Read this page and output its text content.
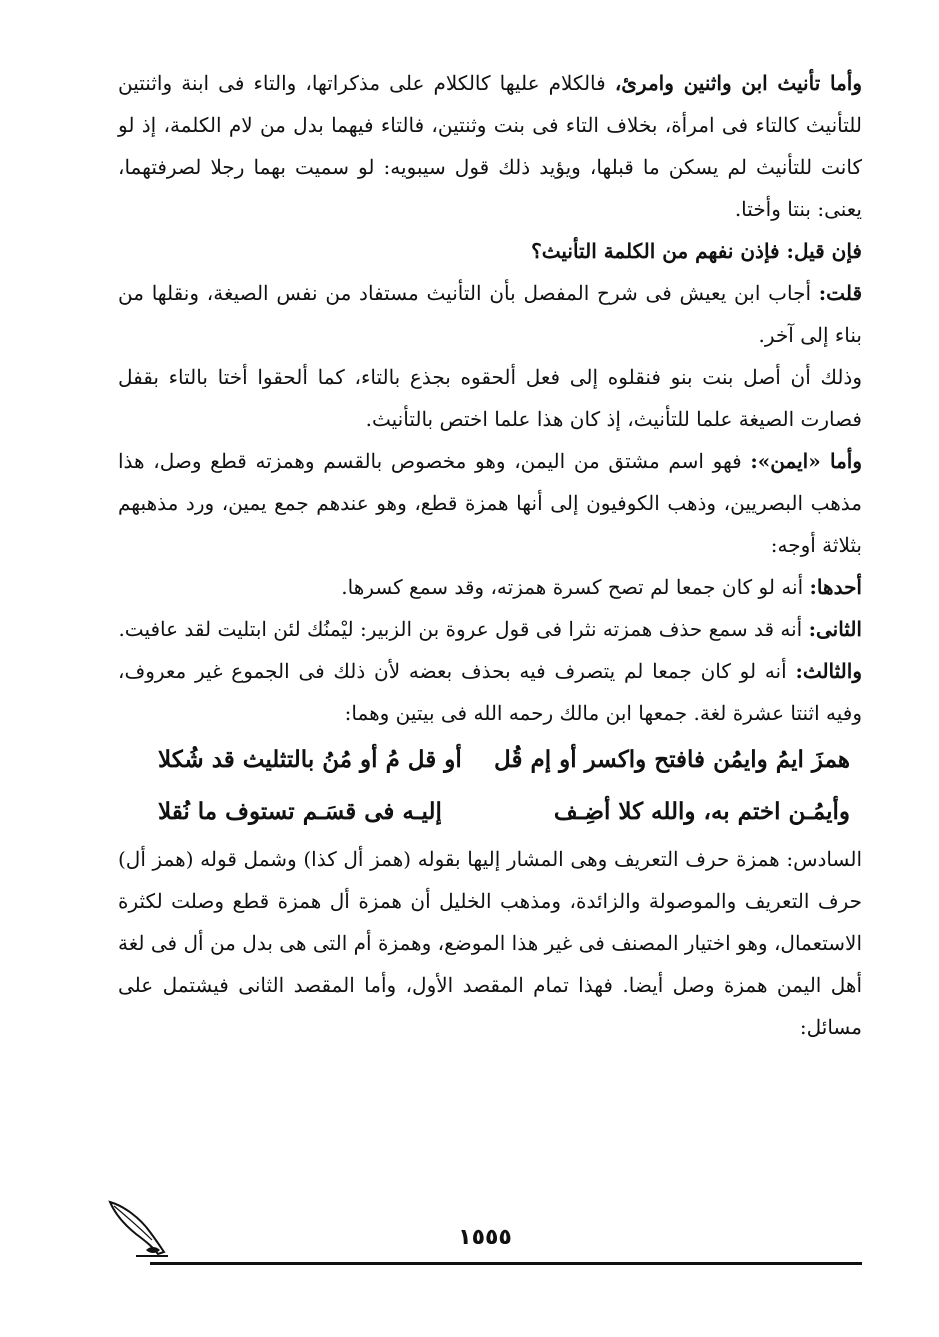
وأما تأنيث ابن واثنين وامرئ، فالكلام عليها كالكلام على مذكراتها، والتاء فى ابنة واثنتين للتأنيث كالتاء فى امرأة، بخلاف التاء فى بنت وثنتين، فالتاء فيهما بدل من لام الكلمة، إذ لو كانت للتأنيث لم يسكن ما قبلها، ويؤيد ذلك قول سيبويه: لو سميت بهما رجلا لصرفتهما، يعنى: بنتا وأختا.

فإن قيل: فإذن نفهم من الكلمة التأنيث؟

قلت: أجاب ابن يعيش فى شرح المفصل بأن التأنيث مستفاد من نفس الصيغة، ونقلها من بناء إلى آخر.

وذلك أن أصل بنت بنو فنقلوه إلى فعل ألحقوه بجذع بالتاء، كما ألحقوا أختا بالتاء بقفل فصارت الصيغة علما للتأنيث، إذ كان هذا علما اختص بالتأنيث.

وأما «ايمن»: فهو اسم مشتق من اليمن، وهو مخصوص بالقسم وهمزته قطع وصل، هذا مذهب البصريين، وذهب الكوفيون إلى أنها همزة قطع، وهو عندهم جمع يمين، ورد مذهبهم بثلاثة أوجه:

أحدها: أنه لو كان جمعا لم تصح كسرة همزته، وقد سمع كسرها.

الثانى: أنه قد سمع حذف همزته نثرا فى قول عروة بن الزبير: ليْمنُك لئن ابتليت لقد عافيت.

والثالث: أنه لو كان جمعا لم يتصرف فيه بحذف بعضه لأن ذلك فى الجموع غير معروف، وفيه اثنتا عشرة لغة. جمعها ابن مالك رحمه الله فى بيتين وهما:

همزَ ايمُ وايمُن فافتح واكسر أو إم قُل
أو قل مُ أو مُنُ بالتثليث قد شُكلا
وأيمُـن اختم به، والله كلا أضِـف
إليـه فى قسَـم تستوف ما نُقلا

السادس: همزة حرف التعريف وهى المشار إليها بقوله (همز أل كذا) وشمل قوله (همز أل) حرف التعريف والموصولة والزائدة، ومذهب الخليل أن همزة أل همزة قطع وصلت لكثرة الاستعمال، وهو اختيار المصنف فى غير هذا الموضع، وهمزة أم التى هى بدل من أل فى لغة أهل اليمن همزة وصل أيضا. فهذا تمام المقصد الأول، وأما المقصد الثانى فيشتمل على مسائل:

١٥٥٥
